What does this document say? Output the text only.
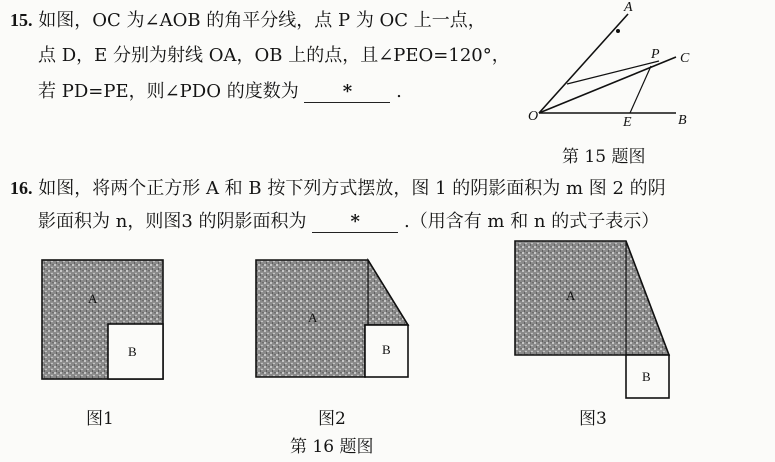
A
C
O	E	B
P
A
B
A
B
A
B
15. 如图，OC 为∠AOB 的角平分线，点 P 为 OC 上一点，
点 D，E 分别为射线 OA，OB 上的点，且∠PEO=120°，
若 PD=PE，则∠PDO 的度数为 * .
第 15 题图
16. 如图，将两个正方形 A 和 B 按下列方式摆放，图 1 的阴影面积为 m 图 2 的阴
影面积为 n，则图3 的阴影面积为 * .（用含有 m 和 n 的式子表示）
图1	图2	图3
第 16 题图
